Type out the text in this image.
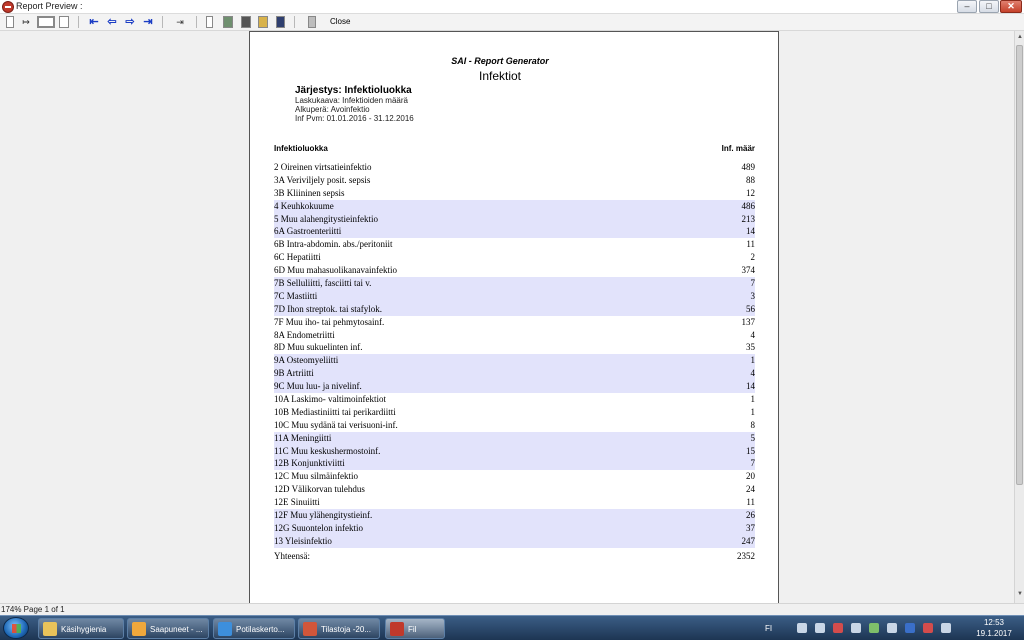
Report Preview :	–	□	✕
↦	⇤ ⇦ ⇨ ⇥	⇥	Close
SAI - Report Generator
Infektiot
Järjestys: Infektioluokka
Laskukaava: Infektioiden määrä
Alkuperä: Avoinfektio
Inf Pvm: 01.01.2016 - 31.12.2016
Infektioluokka	Inf. määr
2 Oireinen virtsatieinfektio	489
3A Veriviljely posit. sepsis	88
3B Kliininen sepsis	12
4 Keuhkokuume	486
5 Muu alahengitystieinfektio	213
6A Gastroenteriitti	14
6B Intra-abdomin. abs./peritoniit	11
6C Hepatiitti	2
6D Muu mahasuolikanavainfektio	374
7B Selluliitti, fasciitti tai v.	7
7C Mastiitti	3
7D Ihon streptok. tai stafylok.	56
7F Muu iho- tai pehmytosainf.	137
8A Endometriitti	4
8D Muu sukuelinten inf.	35
9A Osteomyeliitti	1
9B Artriitti	4
9C Muu luu- ja nivelinf.	14
10A Laskimo- valtimoinfektiot	1
10B Mediastiniitti tai perikardiitti	1
10C Muu sydänä tai verisuoni-inf.	8
11A Meningiitti	5
11C Muu keskushermostoinf.	15
12B Konjunktiviitti	7
12C Muu silmäinfektio	20
12D Välikorvan tulehdus	24
12E Sinuiitti	11
12F Muu ylähengitystieinf.	26
12G Suuontelon infektio	37
13 Yleisinfektio	247
Yhteensä:	2352
▲
▼
174% Page 1 of 1
Käsihygienia	Saapuneet - ...	Potilaskerto...	Tilastoja -20...	Fil	FI
12:53
19.1.2017
